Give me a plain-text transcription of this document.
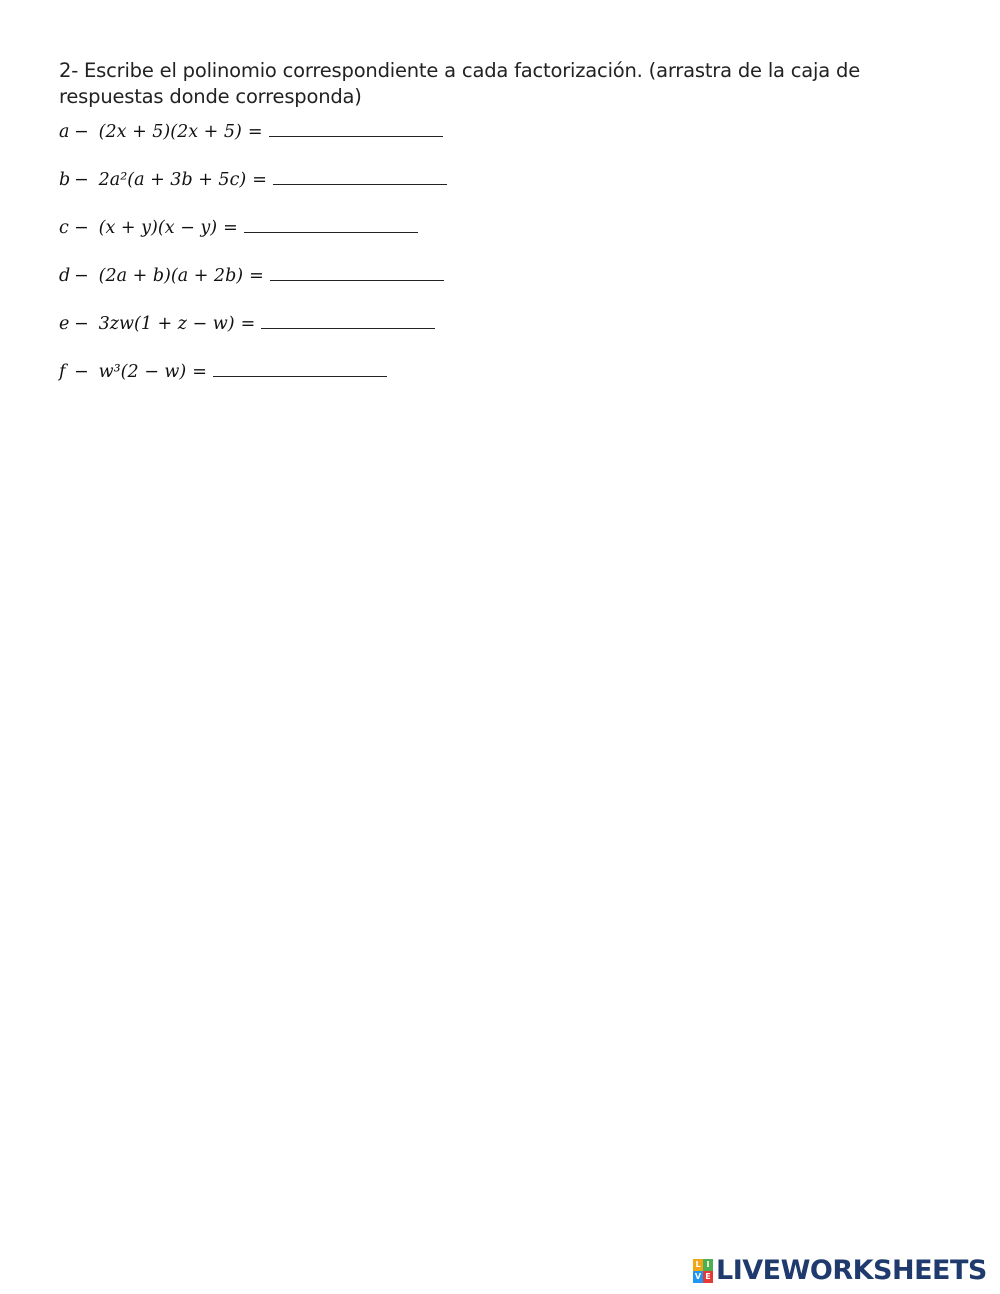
2- Escribe el polinomio correspondiente a cada factorización. (arrastra de la caja de respuestas donde corresponda)
a − (2x + 5)(2x + 5) =
b − 2a²(a + 3b + 5c) =
c − (x + y)(x − y) =
d − (2a + b)(a + 2b) =
e − 3zw(1 + z − w) =
f − w³(2 − w) =
L I
V E LIVEWORKSHEETS
